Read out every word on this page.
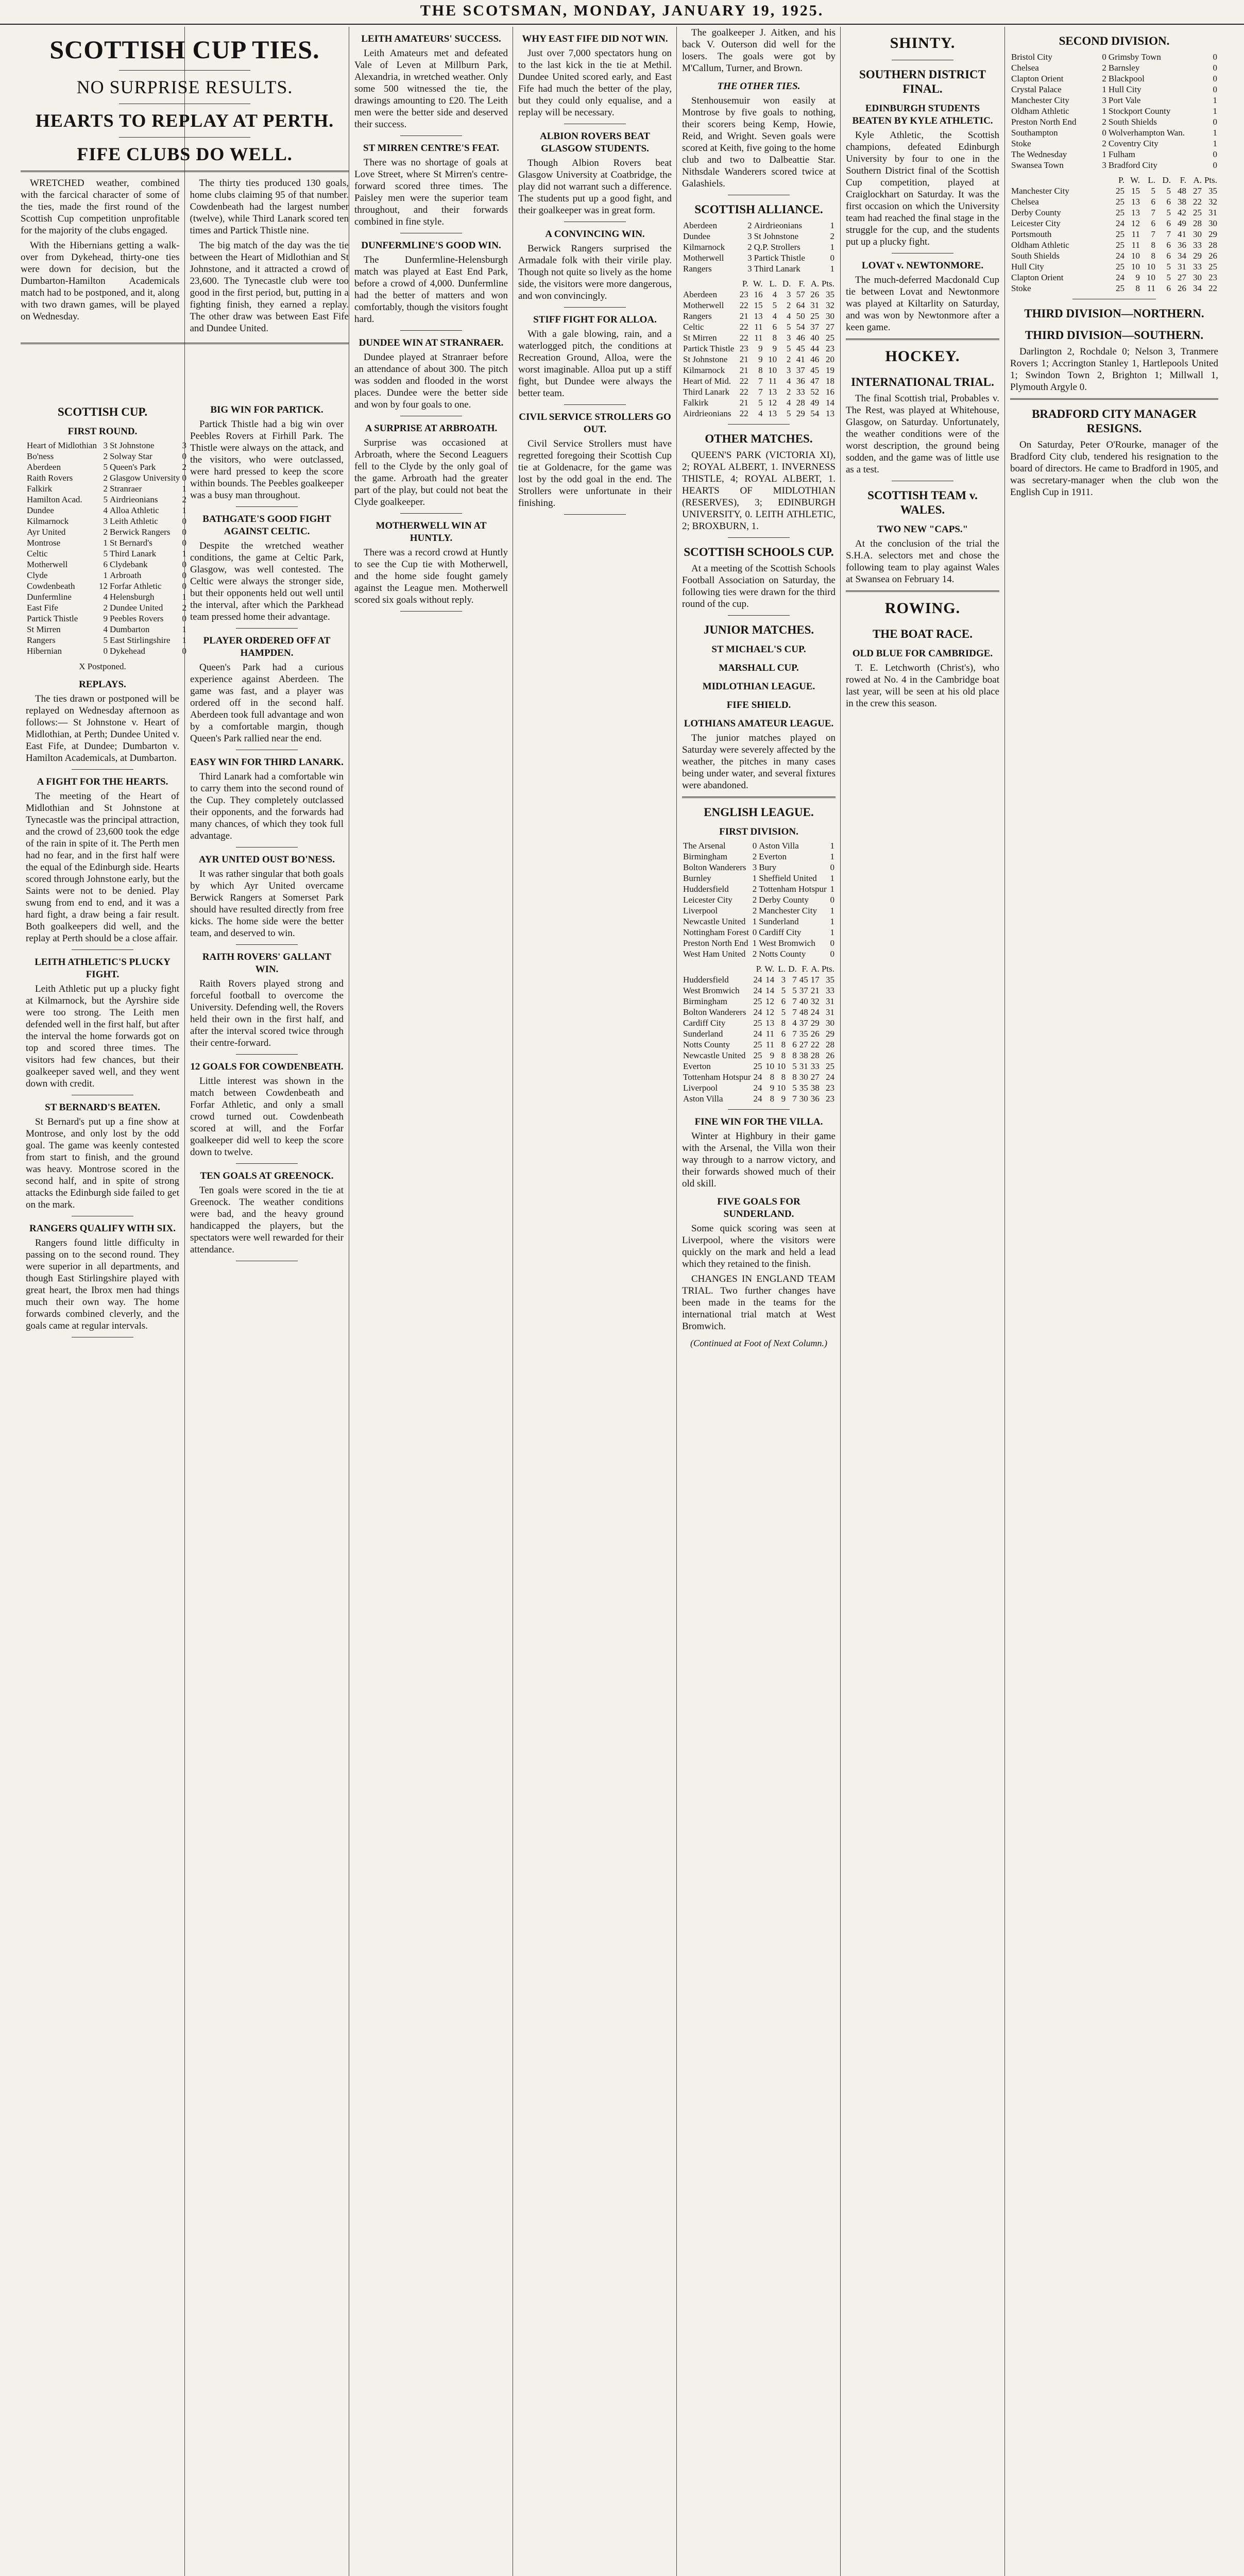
THE SCOTSMAN, MONDAY, JANUARY 19, 1925.
SCOTTISH CUP TIES.
NO SURPRISE RESULTS.
HEARTS TO REPLAY AT PERTH.
FIFE CLUBS DO WELL.

WRETCHED weather, combined with the farcical character of some of the ties, made the first round of the Scottish Cup competition unprofitable for the majority of the clubs engaged.

With the Hibernians getting a walk-over from Dykehead, thirty-one ties were down for decision, but the Dumbarton-Hamilton Academicals match had to be postponed, and it, along with two drawn games, will be played on Wednesday.

The thirty ties produced 130 goals, home clubs claiming 95 of that number. Cowdenbeath had the largest number (twelve), while Third Lanark scored ten times and Partick Thistle nine.

The big match of the day was the tie between the Heart of Midlothian and St Johnstone, and it attracted a crowd of 23,600. The Tynecastle club were too good in the first period, but, putting in a fighting finish, they earned a replay. The other draw was between East Fife and Dundee United.

SCOTTISH CUP.
FIRST ROUND.
Heart of Midlothian	3	St Johnstone	3
Bo'ness	2	Solway Star	0
Aberdeen	5	Queen's Park	2
Raith Rovers	2	Glasgow University	0
Falkirk	2	Stranraer	1
Hamilton Acad.	5	Airdrieonians	2
Dundee	4	Alloa Athletic	1
Kilmarnock	3	Leith Athletic	0
Ayr United	2	Berwick Rangers	0
Montrose	1	St Bernard's	0
Celtic	5	Third Lanark	1
Motherwell	6	Clydebank	0
Clyde	1	Arbroath	0
Cowdenbeath	12	Forfar Athletic	0
Dunfermline	4	Helensburgh	1
East Fife	2	Dundee United	2
Partick Thistle	9	Peebles Rovers	0
St Mirren	4	Dumbarton	1
Rangers	5	East Stirlingshire	1
Hibernian	0	Dykehead	0
X Postponed.
REPLAYS.

The ties drawn or postponed will be replayed on Wednesday afternoon as follows:— St Johnstone v. Heart of Midlothian, at Perth; Dundee United v. East Fife, at Dundee; Dumbarton v. Hamilton Academicals, at Dumbarton.

A FIGHT FOR THE HEARTS.

The meeting of the Heart of Midlothian and St Johnstone at Tynecastle was the principal attraction, and the crowd of 23,600 took the edge of the rain in spite of it. The Perth men had no fear, and in the first half were the equal of the Edinburgh side. Hearts scored through Johnstone early, but the Saints were not to be denied. Play swung from end to end, and it was a hard fight, a draw being a fair result. Both goalkeepers did well, and the replay at Perth should be a close affair.

LEITH ATHLETIC'S PLUCKY FIGHT.

Leith Athletic put up a plucky fight at Kilmarnock, but the Ayrshire side were too strong. The Leith men defended well in the first half, but after the interval the home forwards got on top and scored three times. The visitors had few chances, but their goalkeeper saved well, and they went down with credit.

ST BERNARD'S BEATEN.

St Bernard's put up a fine show at Montrose, and only lost by the odd goal. The game was keenly contested from start to finish, and the ground was heavy. Montrose scored in the second half, and in spite of strong attacks the Edinburgh side failed to get on the mark.

RANGERS QUALIFY WITH SIX.

Rangers found little difficulty in passing on to the second round. They were superior in all departments, and though East Stirlingshire played with great heart, the Ibrox men had things much their own way. The home forwards combined cleverly, and the goals came at regular intervals.

BIG WIN FOR PARTICK.

Partick Thistle had a big win over Peebles Rovers at Firhill Park. The Thistle were always on the attack, and the visitors, who were outclassed, were hard pressed to keep the score within bounds. The Peebles goalkeeper was a busy man throughout.

BATHGATE'S GOOD FIGHT AGAINST CELTIC.

Despite the wretched weather conditions, the game at Celtic Park, Glasgow, was well contested. The Celtic were always the stronger side, but their opponents held out well until the interval, after which the Parkhead team pressed home their advantage.

PLAYER ORDERED OFF AT HAMPDEN.

Queen's Park had a curious experience against Aberdeen. The game was fast, and a player was ordered off in the second half. Aberdeen took full advantage and won by a comfortable margin, though Queen's Park rallied near the end.

EASY WIN FOR THIRD LANARK.

Third Lanark had a comfortable win to carry them into the second round of the Cup. They completely outclassed their opponents, and the forwards had many chances, of which they took full advantage.

AYR UNITED OUST BO'NESS.

It was rather singular that both goals by which Ayr United overcame Berwick Rangers at Somerset Park should have resulted directly from free kicks. The home side were the better team, and deserved to win.

RAITH ROVERS' GALLANT WIN.

Raith Rovers played strong and forceful football to overcome the University. Defending well, the Rovers held their own in the first half, and after the interval scored twice through their centre-forward.

12 GOALS FOR COWDENBEATH.

Little interest was shown in the match between Cowdenbeath and Forfar Athletic, and only a small crowd turned out. Cowdenbeath scored at will, and the Forfar goalkeeper did well to keep the score down to twelve.

TEN GOALS AT GREENOCK.

Ten goals were scored in the tie at Greenock. The weather conditions were bad, and the heavy ground handicapped the players, but the spectators were well rewarded for their attendance.

LEITH AMATEURS' SUCCESS.

Leith Amateurs met and defeated Vale of Leven at Millburn Park, Alexandria, in wretched weather. Only some 500 witnessed the tie, the drawings amounting to £20. The Leith men were the better side and deserved their success.

ST MIRREN CENTRE'S FEAT.

There was no shortage of goals at Love Street, where St Mirren's centre-forward scored three times. The Paisley men were the superior team throughout, and their forwards combined in fine style.

DUNFERMLINE'S GOOD WIN.

The Dunfermline-Helensburgh match was played at East End Park, before a crowd of 4,000. Dunfermline had the better of matters and won comfortably, though the visitors fought hard.

DUNDEE WIN AT STRANRAER.

Dundee played at Stranraer before an attendance of about 300. The pitch was sodden and flooded in the worst places. Dundee were the better side and won by four goals to one.

A SURPRISE AT ARBROATH.

Surprise was occasioned at Arbroath, where the Second Leaguers fell to the Clyde by the only goal of the game. Arbroath had the greater part of the play, but could not beat the Clyde goalkeeper.

MOTHERWELL WIN AT HUNTLY.

There was a record crowd at Huntly to see the Cup tie with Motherwell, and the home side fought gamely against the League men. Motherwell scored six goals without reply.

WHY EAST FIFE DID NOT WIN.

Just over 7,000 spectators hung on to the last kick in the tie at Methil. Dundee United scored early, and East Fife had much the better of the play, but they could only equalise, and a replay will be necessary.

ALBION ROVERS BEAT GLASGOW STUDENTS.

Though Albion Rovers beat Glasgow University at Coatbridge, the play did not warrant such a difference. The students put up a good fight, and their goalkeeper was in great form.

A CONVINCING WIN.

Berwick Rangers surprised the Armadale folk with their virile play. Though not quite so lively as the home side, the visitors were more dangerous, and won convincingly.

STIFF FIGHT FOR ALLOA.

With a gale blowing, rain, and a waterlogged pitch, the conditions at Recreation Ground, Alloa, were the worst imaginable. Alloa put up a stiff fight, but Dundee were always the better team.

CIVIL SERVICE STROLLERS GO OUT.

Civil Service Strollers must have regretted foregoing their Scottish Cup tie at Goldenacre, for the game was lost by the odd goal in the end. The Strollers were unfortunate in their finishing.

The goalkeeper J. Aitken, and his back V. Outerson did well for the losers. The goals were got by M'Callum, Turner, and Brown.

THE OTHER TIES.

Stenhousemuir won easily at Montrose by five goals to nothing, their scorers being Kemp, Howie, Reid, and Wright. Seven goals were scored at Keith, five going to the home club and two to Dalbeattie Star. Nithsdale Wanderers scored twice at Galashiels.

SCOTTISH ALLIANCE.
Aberdeen	2	Airdrieonians	1
Dundee	3	St Johnstone	2
Kilmarnock	2	Q.P. Strollers	1
Motherwell	3	Partick Thistle	0
Rangers	3	Third Lanark	1
	P.	W.	L.	D.	F.	A.	Pts.
Aberdeen	23	16	4	3	57	26	35
Motherwell	22	15	5	2	64	31	32
Rangers	21	13	4	4	50	25	30
Celtic	22	11	6	5	54	37	27
St Mirren	22	11	8	3	46	40	25
Partick Thistle	23	9	9	5	45	44	23
St Johnstone	21	9	10	2	41	46	20
Kilmarnock	21	8	10	3	37	45	19
Heart of Mid.	22	7	11	4	36	47	18
Third Lanark	22	7	13	2	33	52	16
Falkirk	21	5	12	4	28	49	14
Airdrieonians	22	4	13	5	29	54	13
OTHER MATCHES.

QUEEN'S PARK (VICTORIA XI), 2; ROYAL ALBERT, 1. INVERNESS THISTLE, 4; ROYAL ALBERT, 1. HEARTS OF MIDLOTHIAN (RESERVES), 3; EDINBURGH UNIVERSITY, 0. LEITH ATHLETIC, 2; BROXBURN, 1.

SCOTTISH SCHOOLS CUP.

At a meeting of the Scottish Schools Football Association on Saturday, the following ties were drawn for the third round of the cup.

JUNIOR MATCHES.
ST MICHAEL'S CUP.
MARSHALL CUP.
MIDLOTHIAN LEAGUE.
FIFE SHIELD.
LOTHIANS AMATEUR LEAGUE.

The junior matches played on Saturday were severely affected by the weather, the pitches in many cases being under water, and several fixtures were abandoned.

ENGLISH LEAGUE.
FIRST DIVISION.
The Arsenal	0	Aston Villa	1
Birmingham	2	Everton	1
Bolton Wanderers	3	Bury	0
Burnley	1	Sheffield United	1
Huddersfield	2	Tottenham Hotspur	1
Leicester City	2	Derby County	0
Liverpool	2	Manchester City	1
Newcastle United	1	Sunderland	1
Nottingham Forest	0	Cardiff City	1
Preston North End	1	West Bromwich	0
West Ham United	2	Notts County	0
	P.	W.	L.	D.	F.	A.	Pts.
Huddersfield	24	14	3	7	45	17	35
West Bromwich	24	14	5	5	37	21	33
Birmingham	25	12	6	7	40	32	31
Bolton Wanderers	24	12	5	7	48	24	31
Cardiff City	25	13	8	4	37	29	30
Sunderland	24	11	6	7	35	26	29
Notts County	25	11	8	6	27	22	28
Newcastle United	25	9	8	8	38	28	26
Everton	25	10	10	5	31	33	25
Tottenham Hotspur	24	8	8	8	30	27	24
Liverpool	24	9	10	5	35	38	23
Aston Villa	24	8	9	7	30	36	23
FINE WIN FOR THE VILLA.

Winter at Highbury in their game with the Arsenal, the Villa won their way through to a narrow victory, and their forwards showed much of their old skill.

FIVE GOALS FOR SUNDERLAND.

Some quick scoring was seen at Liverpool, where the visitors were quickly on the mark and held a lead which they retained to the finish.

CHANGES IN ENGLAND TEAM TRIAL. Two further changes have been made in the teams for the international trial match at West Bromwich.

(Continued at Foot of Next Column.)
SHINTY.
SOUTHERN DISTRICT FINAL.
EDINBURGH STUDENTS BEATEN BY KYLE ATHLETIC.

Kyle Athletic, the Scottish champions, defeated Edinburgh University by four to one in the Southern District final of the Scottish Cup competition, played at Craiglockhart on Saturday. It was the first occasion on which the University team had reached the final stage in the struggle for the cup, and the students put up a plucky fight.

LOVAT v. NEWTONMORE.

The much-deferred Macdonald Cup tie between Lovat and Newtonmore was played at Kiltarlity on Saturday, and was won by Newtonmore after a keen game.

HOCKEY.
INTERNATIONAL TRIAL.

The final Scottish trial, Probables v. The Rest, was played at Whitehouse, Glasgow, on Saturday. Unfortunately, the weather conditions were of the worst description, the ground being sodden, and the game was of little use as a test.

SCOTTISH TEAM v. WALES.
TWO NEW "CAPS."

At the conclusion of the trial the S.H.A. selectors met and chose the following team to play against Wales at Swansea on February 14.

ROWING.
THE BOAT RACE.
OLD BLUE FOR CAMBRIDGE.

T. E. Letchworth (Christ's), who rowed at No. 4 in the Cambridge boat last year, will be seen at his old place in the crew this season.

SECOND DIVISION.
Bristol City	0	Grimsby Town	0
Chelsea	2	Barnsley	0
Clapton Orient	2	Blackpool	0
Crystal Palace	1	Hull City	0
Manchester City	3	Port Vale	1
Oldham Athletic	1	Stockport County	1
Preston North End	2	South Shields	0
Southampton	0	Wolverhampton Wan.	1
Stoke	2	Coventry City	1
The Wednesday	1	Fulham	0
Swansea Town	3	Bradford City	0
	P.	W.	L.	D.	F.	A.	Pts.
Manchester City	25	15	5	5	48	27	35
Chelsea	25	13	6	6	38	22	32
Derby County	25	13	7	5	42	25	31
Leicester City	24	12	6	6	49	28	30
Portsmouth	25	11	7	7	41	30	29
Oldham Athletic	25	11	8	6	36	33	28
South Shields	24	10	8	6	34	29	26
Hull City	25	10	10	5	31	33	25
Clapton Orient	24	9	10	5	27	30	23
Stoke	25	8	11	6	26	34	22
THIRD DIVISION—NORTHERN.
THIRD DIVISION—SOUTHERN.

Darlington 2, Rochdale 0; Nelson 3, Tranmere Rovers 1; Accrington Stanley 1, Hartlepools United 1; Swindon Town 2, Brighton 1; Millwall 1, Plymouth Argyle 0.

BRADFORD CITY MANAGER RESIGNS.

On Saturday, Peter O'Rourke, manager of the Bradford City club, tendered his resignation to the board of directors. He came to Bradford in 1905, and was secretary-manager when the club won the English Cup in 1911.
